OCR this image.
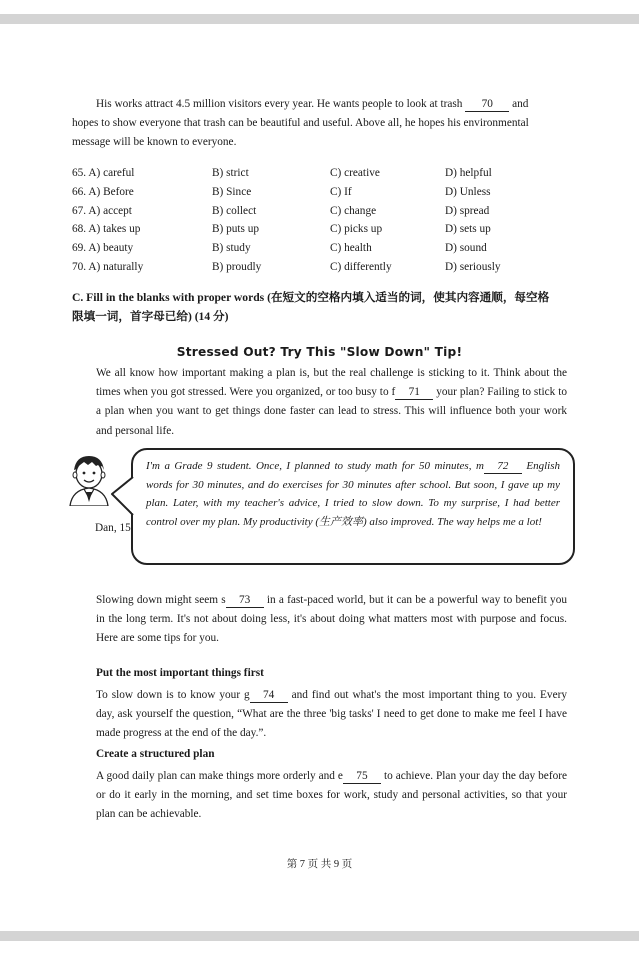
His works attract 4.5 million visitors every year. He wants people to look at trash 70 and
hopes to show everyone that trash can be beautiful and useful. Above all, he hopes his environmental
message will be known to everyone.
65. A) careful	B) strict	C) creative	D) helpful
66. A) Before	B) Since	C) If	D) Unless
67. A) accept	B) collect	C) change	D) spread
68. A) takes up	B) puts up	C) picks up	D) sets up
69. A) beauty	B) study	C) health	D) sound
70. A) naturally	B) proudly	C) differently	D) seriously
C. Fill in the blanks with proper words (在短文的空格内填入适当的词，使其内容通顺，每空格
限填一词，首字母已给) (14 分)
Stressed Out? Try This "Slow Down" Tip!
We all know how important making a plan is, but the real challenge is sticking to it. Think about the times when you got stressed. Were you organized, or too busy to f 71 your plan? Failing to stick to a plan when you want to get things done faster can lead to stress. This will influence both your work and personal life.
Dan, 15
I'm a Grade 9 student. Once, I planned to study math for 50 minutes, m 72 English words for 30 minutes, and do exercises for 30 minutes after school. But soon, I gave up my plan. Later, with my teacher's advice, I tried to slow down. To my surprise, I had better control over my plan. My productivity (生产效率) also improved. The way helps me a lot!
Slowing down might seem s 73 in a fast-paced world, but it can be a powerful way to benefit you in the long term. It's not about doing less, it's about doing what matters most with purpose and focus. Here are some tips for you.
Put the most important things first
To slow down is to know your g 74 and find out what's the most important thing to you. Every day, ask yourself the question, “What are the three 'big tasks' I need to get done to make me feel I have made progress at the end of the day.”.
Create a structured plan
A good daily plan can make things more orderly and e 75 to achieve. Plan your day the day before or do it early in the morning, and set time boxes for work, study and personal activities, so that your plan can be achievable.
第 7 页 共 9 页
